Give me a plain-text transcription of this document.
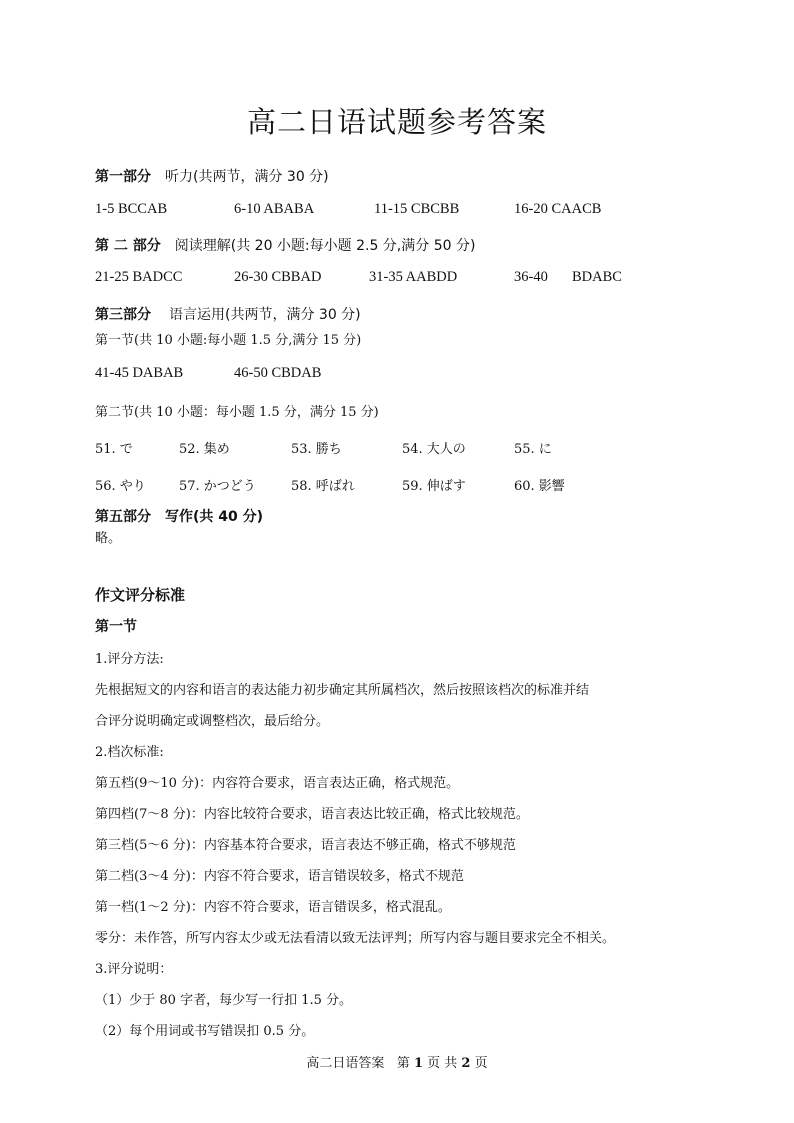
高二日语试题参考答案
第一部分 听力(共两节，满分 30 分)
1-5 BCCAB	6-10 ABABA	11-15 CBCBB	16-20 CAACB
第 二 部分 阅读理解(共 20 小题:每小题 2.5 分,满分 50 分)
21-25 BADCC	26-30 CBBAD	31-35 AABDD	36-40 BDABC
第三部分 语言运用(共两节，满分 30 分)
第一节(共 10 小题:每小题 1.5 分,满分 15 分)
41-45 DABAB	46-50 CBDAB
第二节(共 10 小题：每小题 1.5 分，满分 15 分)
51. で	52. 集め	53. 勝ち	54. 大人の	55. に
56. やり	57. かつどう	58. 呼ばれ	59. 伸ばす	60. 影響
第五部分 写作(共 40 分)
略。
作文评分标准
第一节
1.评分方法:
先根据短文的内容和语言的表达能力初步确定其所属档次，然后按照该档次的标准并结
合评分说明确定或调整档次，最后给分。
2.档次标准:
第五档(9～10 分)：内容符合要求，语言表达正确，格式规范。
第四档(7～8 分)：内容比较符合要求，语言表达比较正确，格式比较规范。
第三档(5～6 分)：内容基本符合要求，语言表达不够正确，格式不够规范
第二档(3～4 分)：内容不符合要求，语言错误较多，格式不规范
第一档(1～2 分)：内容不符合要求，语言错误多，格式混乱。
零分：未作答，所写内容太少或无法看清以致无法评判；所写内容与题目要求完全不相关。
3.评分说明：
（1）少于 80 字者，每少写一行扣 1.5 分。
（2）每个用词或书写错误扣 0.5 分。
高二日语答案 第 1 页 共 2 页
